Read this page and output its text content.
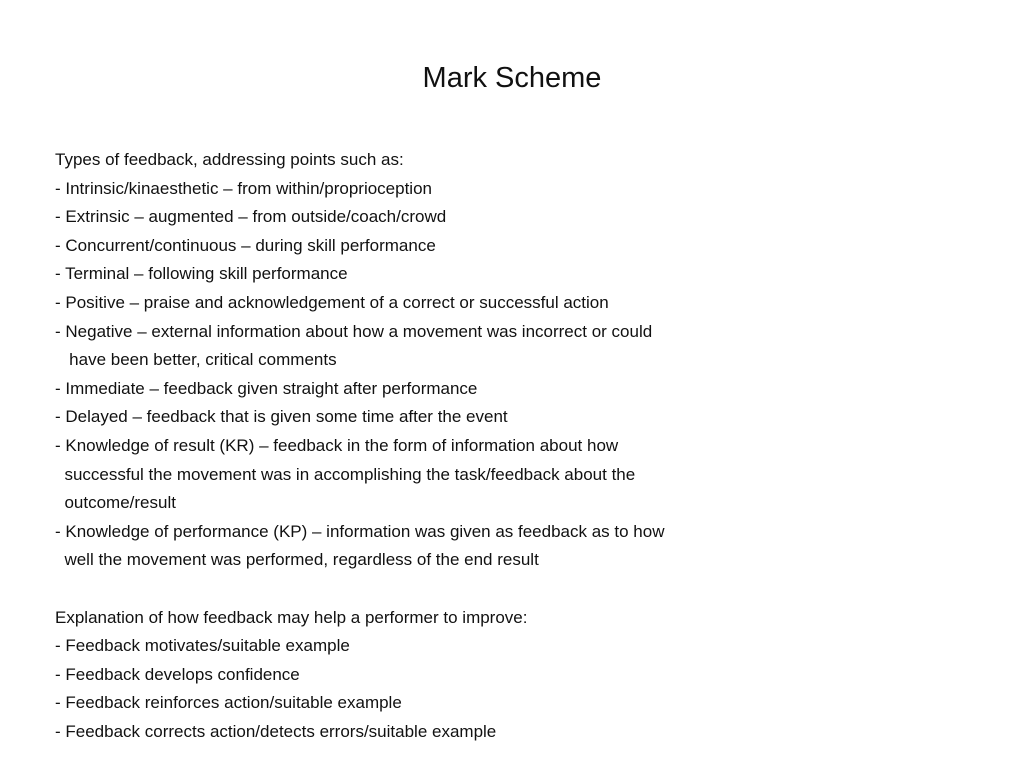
Mark Scheme
Types of feedback, addressing points such as:
- Intrinsic/kinaesthetic – from within/proprioception
- Extrinsic – augmented – from outside/coach/crowd
- Concurrent/continuous – during skill performance
- Terminal – following skill performance
- Positive – praise and acknowledgement of a correct or successful action
- Negative – external information about how a movement was incorrect or could
have been better, critical comments
- Immediate – feedback given straight after performance
- Delayed – feedback that is given some time after the event
- Knowledge of result (KR) – feedback in the form of information about how
successful the movement was in accomplishing the task/feedback about the
outcome/result
- Knowledge of performance (KP) – information was given as feedback as to how
well the movement was performed, regardless of the end result
Explanation of how feedback may help a performer to improve:
- Feedback motivates/suitable example
- Feedback develops confidence
- Feedback reinforces action/suitable example
- Feedback corrects action/detects errors/suitable example
